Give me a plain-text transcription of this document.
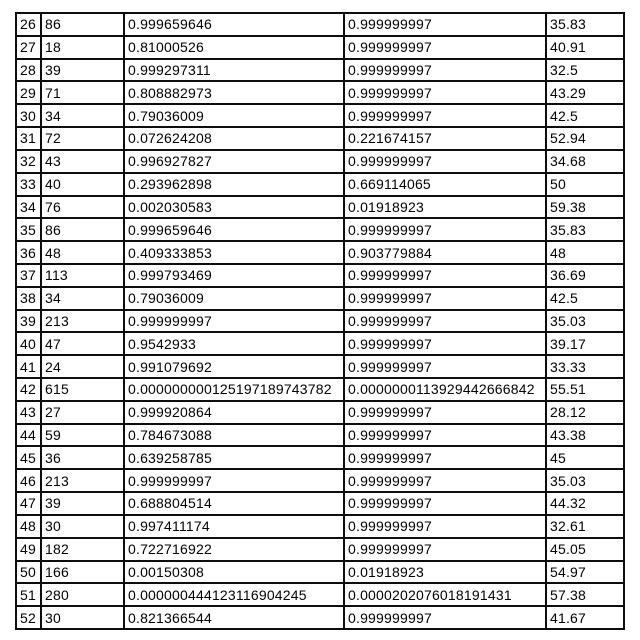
26	86	0.999659646	0.999999997	35.83
27	18	0.81000526	0.999999997	40.91
28	39	0.999297311	0.999999997	32.5
29	71	0.808882973	0.999999997	43.29
30	34	0.79036009	0.999999997	42.5
31	72	0.072624208	0.221674157	52.94
32	43	0.996927827	0.999999997	34.68
33	40	0.293962898	0.669114065	50
34	76	0.002030583	0.01918923	59.38
35	86	0.999659646	0.999999997	35.83
36	48	0.409333853	0.903779884	48
37	113	0.999793469	0.999999997	36.69
38	34	0.79036009	0.999999997	42.5
39	213	0.999999997	0.999999997	35.03
40	47	0.9542933	0.999999997	39.17
41	24	0.991079692	0.999999997	33.33
42	615	0.000000000125197189743782	0.0000000113929442666842	55.51
43	27	0.999920864	0.999999997	28.12
44	59	0.784673088	0.999999997	43.38
45	36	0.639258785	0.999999997	45
46	213	0.999999997	0.999999997	35.03
47	39	0.688804514	0.999999997	44.32
48	30	0.997411174	0.999999997	32.61
49	182	0.722716922	0.999999997	45.05
50	166	0.00150308	0.01918923	54.97
51	280	0.000000444123116904245	0.0000202076018191431	57.38
52	30	0.821366544	0.999999997	41.67
